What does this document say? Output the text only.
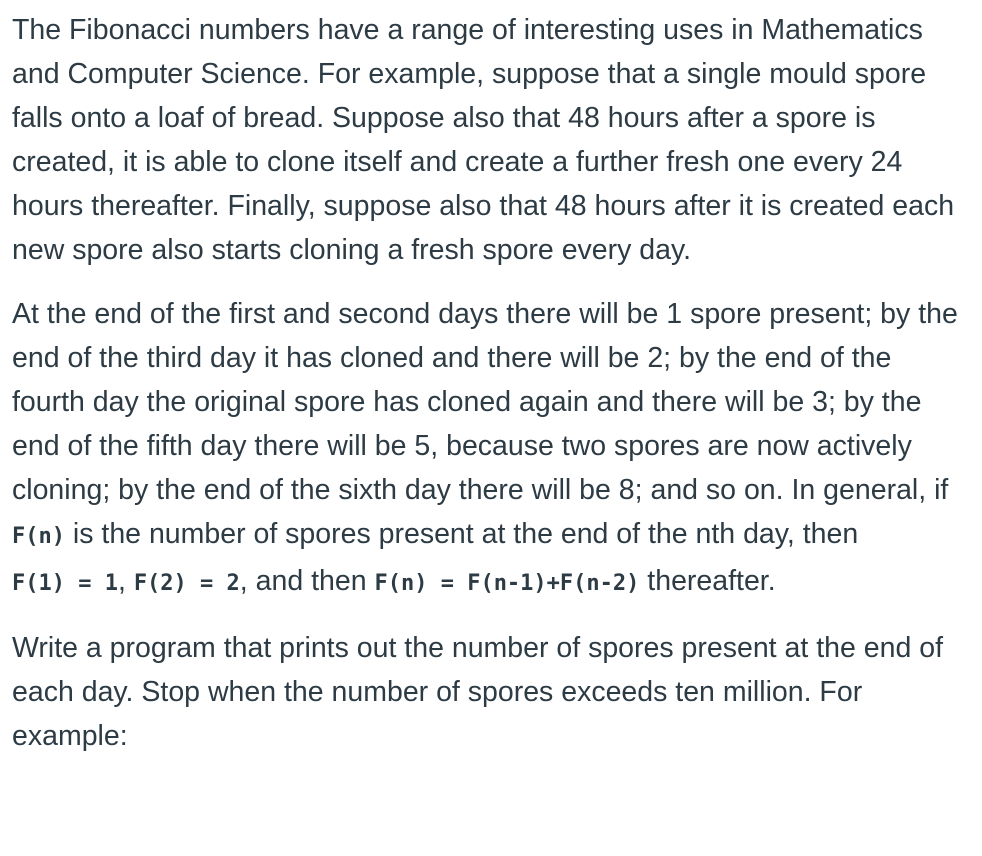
The Fibonacci numbers have a range of interesting uses in Mathematics and Computer Science. For example, suppose that a single mould spore falls onto a loaf of bread. Suppose also that 48 hours after a spore is created, it is able to clone itself and create a further fresh one every 24 hours thereafter. Finally, suppose also that 48 hours after it is created each new spore also starts cloning a fresh spore every day.

At the end of the first and second days there will be 1 spore present; by the end of the third day it has cloned and there will be 2; by the end of the fourth day the original spore has cloned again and there will be 3; by the end of the fifth day there will be 5, because two spores are now actively cloning; by the end of the sixth day there will be 8; and so on. In general, if F(n) is the number of spores present at the end of the nth day, then F(1) = 1, F(2) = 2, and then F(n) = F(n-1)+F(n-2) thereafter.

Write a program that prints out the number of spores present at the end of each day. Stop when the number of spores exceeds ten million. For example:
